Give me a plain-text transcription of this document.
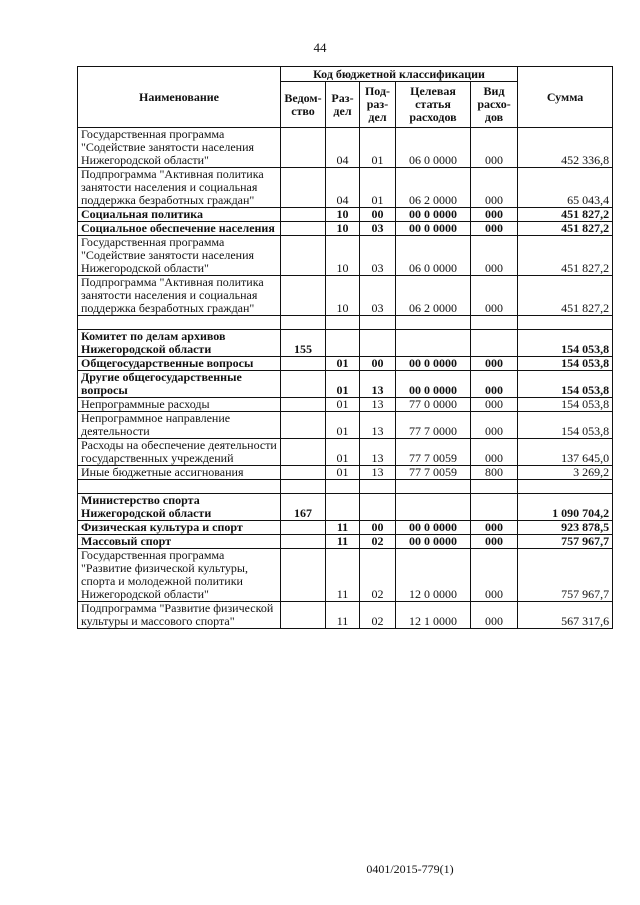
44
Наименование	Код бюджетной классификации					Сумма
	Ведом-ство	Раз-дел	Под-раз-дел	Целевая статья расходов	Вид расхо-дов	
Государственная программа "Содействие занятости населения Нижегородской области"		04	01	06 0 0000	000	452 336,8
Подпрограмма "Активная политика занятости населения и социальная поддержка безработных граждан"		04	01	06 2 0000	000	65 043,4
Социальная политика		10	00	00 0 0000	000	451 827,2
Социальное обеспечение населения		10	03	00 0 0000	000	451 827,2
Государственная программа "Содействие занятости населения Нижегородской области"		10	03	06 0 0000	000	451 827,2
Подпрограмма "Активная политика занятости населения и социальная поддержка безработных граждан"		10	03	06 2 0000	000	451 827,2

Комитет по делам архивов Нижегородской области	155					154 053,8
Общегосударственные вопросы		01	00	00 0 0000	000	154 053,8
Другие общегосударственные вопросы		01	13	00 0 0000	000	154 053,8
Непрограммные расходы		01	13	77 0 0000	000	154 053,8
Непрограммное направление деятельности		01	13	77 7 0000	000	154 053,8
Расходы на обеспечение деятельности государственных учреждений		01	13	77 7 0059	000	137 645,0
Иные бюджетные ассигнования		01	13	77 7 0059	800	3 269,2

Министерство спорта Нижегородской области	167					1 090 704,2
Физическая культура и спорт		11	00	00 0 0000	000	923 878,5
Массовый спорт		11	02	00 0 0000	000	757 967,7
Государственная программа "Развитие физической культуры, спорта и молодежной политики Нижегородской области"		11	02	12 0 0000	000	757 967,7
Подпрограмма "Развитие физической культуры и массового спорта"		11	02	12 1 0000	000	567 317,6
0401/2015-779(1)
